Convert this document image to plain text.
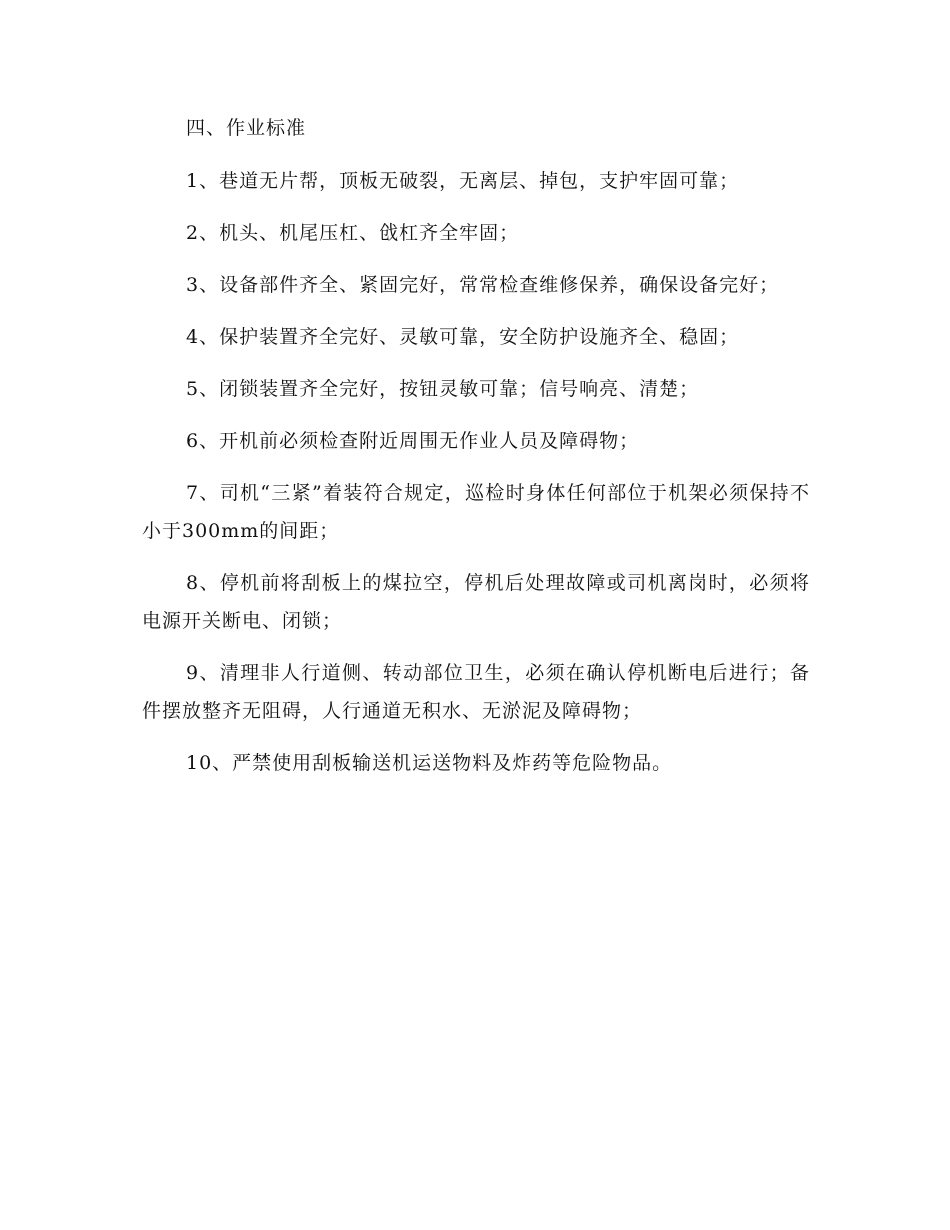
四、作业标准
1、巷道无片帮，顶板无破裂，无离层、掉包，支护牢固可靠；
2、机头、机尾压杠、戗杠齐全牢固；
3、设备部件齐全、紧固完好，常常检查维修保养，确保设备完好；
4、保护装置齐全完好、灵敏可靠，安全防护设施齐全、稳固；
5、闭锁装置齐全完好，按钮灵敏可靠；信号响亮、清楚；
6、开机前必须检查附近周围无作业人员及障碍物；
7、司机“三紧”着装符合规定，巡检时身体任何部位于机架必须保持不小于300mm的间距；
8、停机前将刮板上的煤拉空，停机后处理故障或司机离岗时，必须将电源开关断电、闭锁；
9、清理非人行道侧、转动部位卫生，必须在确认停机断电后进行；备件摆放整齐无阻碍，人行通道无积水、无淤泥及障碍物；
10、严禁使用刮板输送机运送物料及炸药等危险物品。
